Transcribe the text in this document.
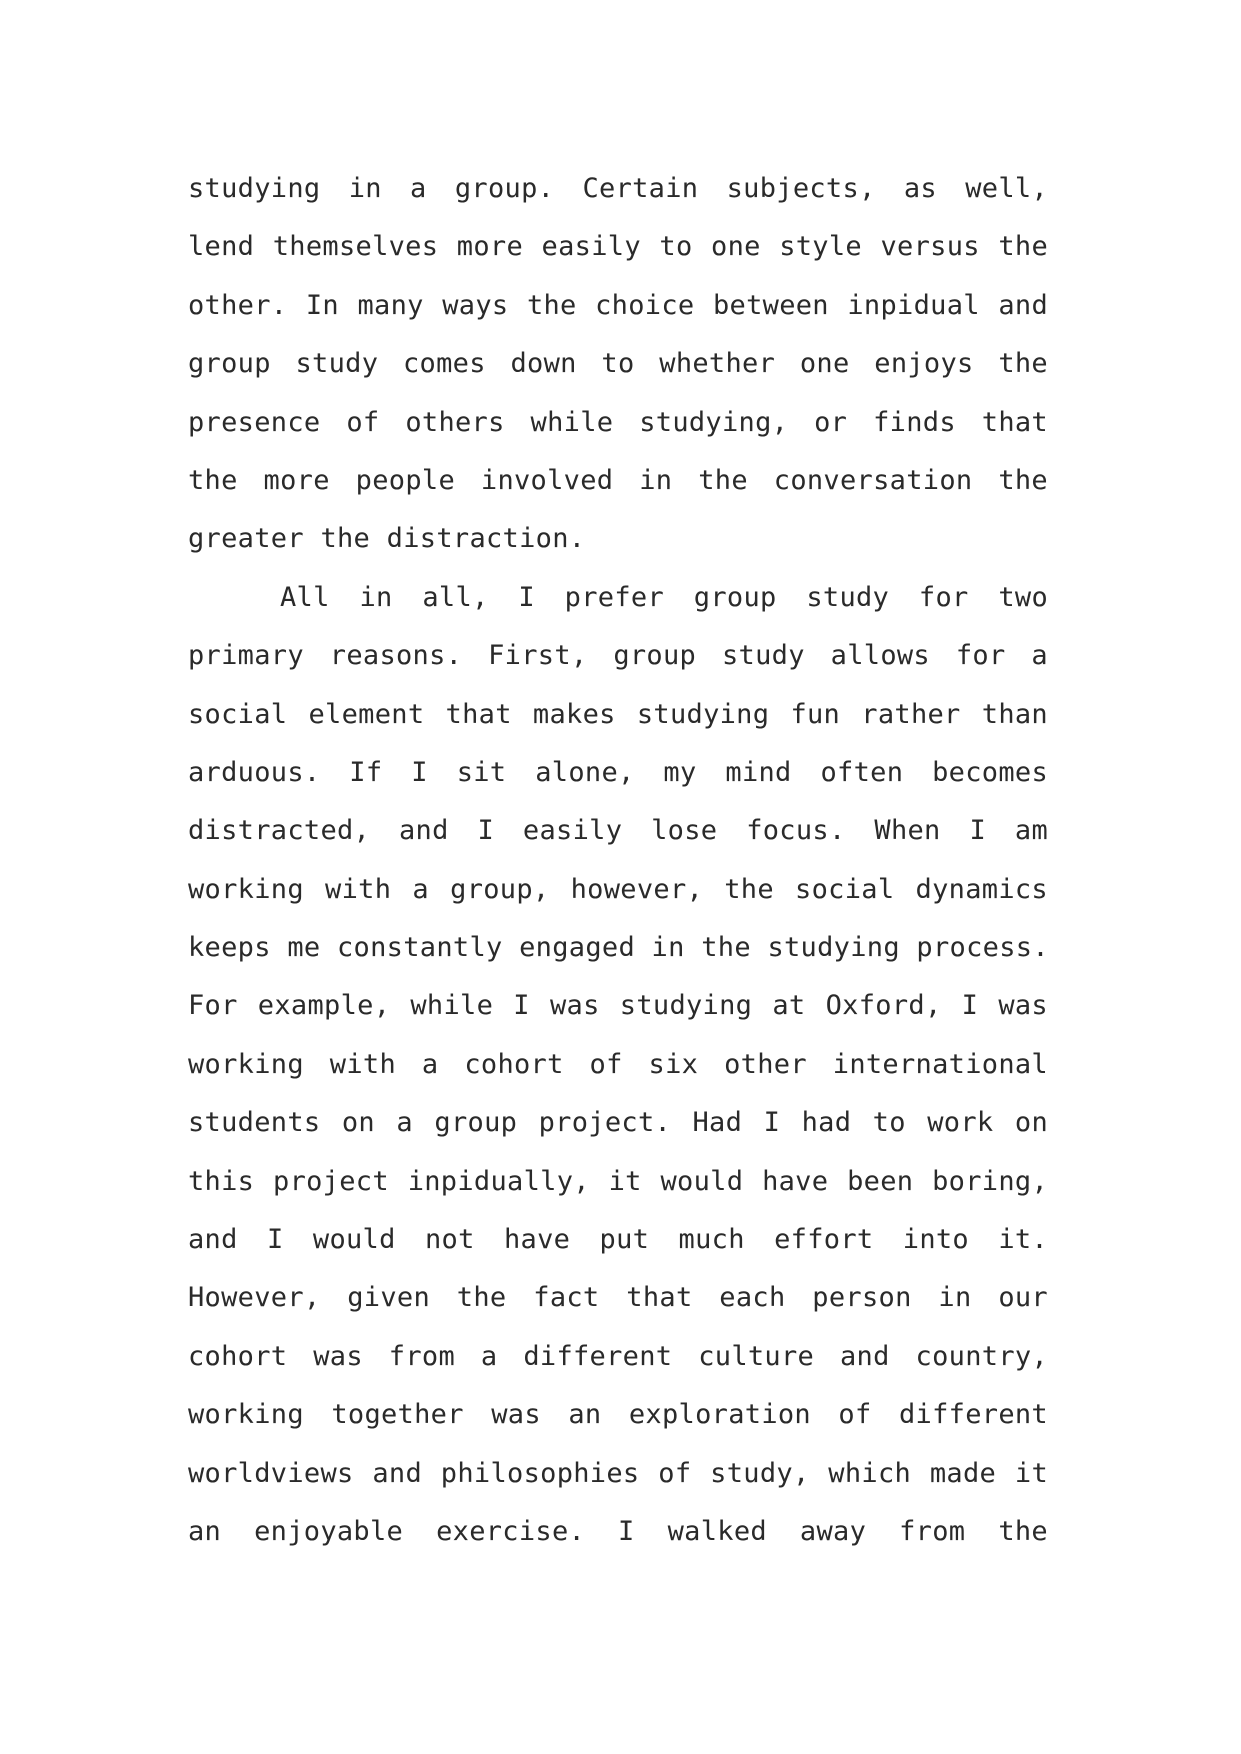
studying in a group. Certain subjects, as well,
lend themselves more easily to one style versus the
other. In many ways the choice between inpidual and
group study comes down to whether one enjoys the
presence of others while studying, or finds that
the more people involved in the conversation the
greater the distraction.
All in all, I prefer group study for two
primary reasons. First, group study allows for a
social element that makes studying fun rather than
arduous. If I sit alone, my mind often becomes
distracted, and I easily lose focus. When I am
working with a group, however, the social dynamics
keeps me constantly engaged in the studying process.
For example, while I was studying at Oxford, I was
working with a cohort of six other international
students on a group project. Had I had to work on
this project inpidually, it would have been boring,
and I would not have put much effort into it.
However, given the fact that each person in our
cohort was from a different culture and country,
working together was an exploration of different
worldviews and philosophies of study, which made it
an enjoyable exercise. I walked away from the
